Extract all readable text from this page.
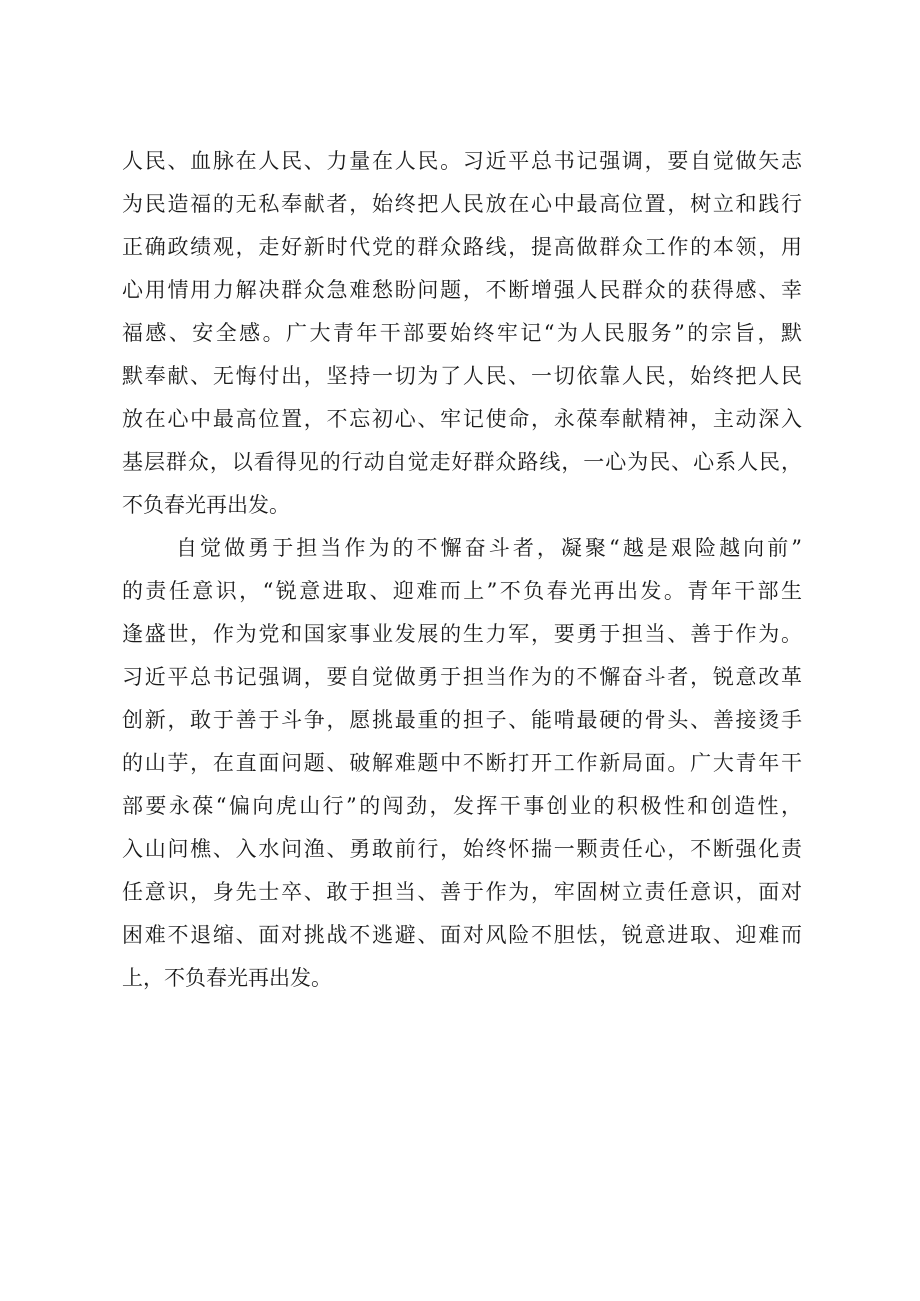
人民、血脉在人民、力量在人民。习近平总书记强调，要自觉做矢志
为民造福的无私奉献者，始终把人民放在心中最高位置，树立和践行
正确政绩观，走好新时代党的群众路线，提高做群众工作的本领，用
心用情用力解决群众急难愁盼问题，不断增强人民群众的获得感、幸
福感、安全感。广大青年干部要始终牢记“为人民服务”的宗旨，默
默奉献、无悔付出，坚持一切为了人民、一切依靠人民，始终把人民
放在心中最高位置，不忘初心、牢记使命，永葆奉献精神，主动深入
基层群众，以看得见的行动自觉走好群众路线，一心为民、心系人民，
不负春光再出发。
自觉做勇于担当作为的不懈奋斗者，凝聚“越是艰险越向前”
的责任意识，“锐意进取、迎难而上”不负春光再出发。青年干部生
逢盛世，作为党和国家事业发展的生力军，要勇于担当、善于作为。
习近平总书记强调，要自觉做勇于担当作为的不懈奋斗者，锐意改革
创新，敢于善于斗争，愿挑最重的担子、能啃最硬的骨头、善接烫手
的山芋，在直面问题、破解难题中不断打开工作新局面。广大青年干
部要永葆“偏向虎山行”的闯劲，发挥干事创业的积极性和创造性，
入山问樵、入水问渔、勇敢前行，始终怀揣一颗责任心，不断强化责
任意识，身先士卒、敢于担当、善于作为，牢固树立责任意识，面对
困难不退缩、面对挑战不逃避、面对风险不胆怯，锐意进取、迎难而
上，不负春光再出发。
